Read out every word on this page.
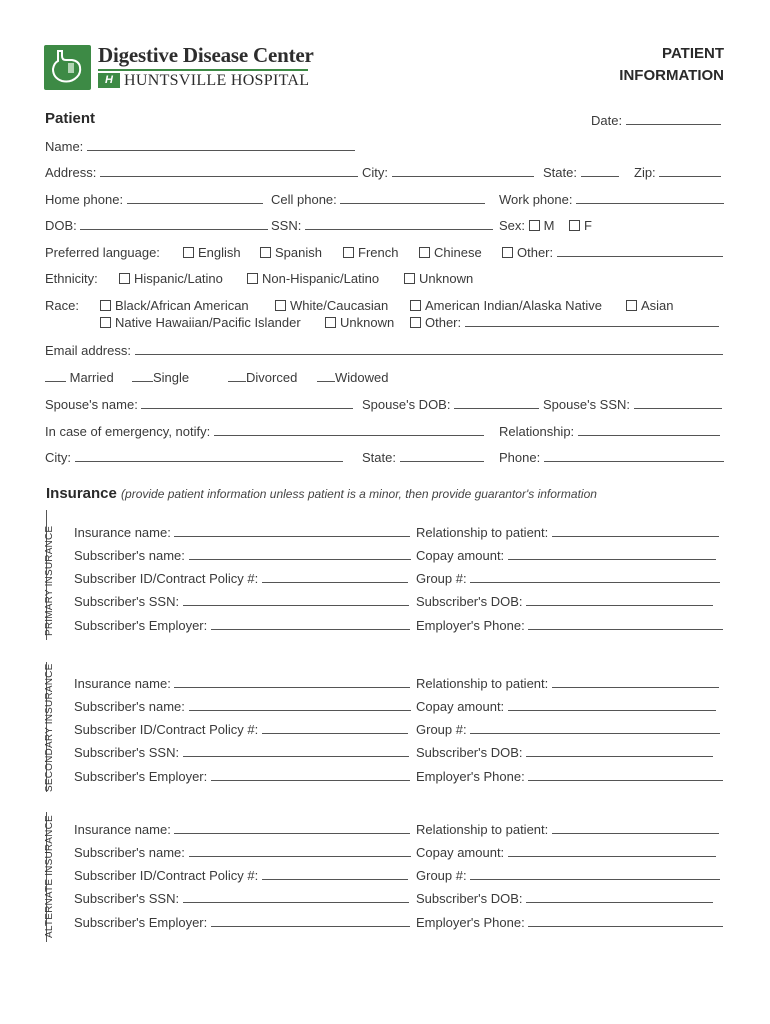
Digestive Disease Center
H HUNTSVILLE HOSPITAL
PATIENT
INFORMATION
Patient	Date:
Name:
Address:	City:	State:	Zip:
Home phone:	Cell phone:	Work phone:
DOB:	SSN:	Sex: M F
Preferred language:	English	Spanish	French	Chinese	Other:
Ethnicity:	Hispanic/Latino	Non-Hispanic/Latino	Unknown
Race:	Black/African American	White/Caucasian	American Indian/Alaska Native	Asian
Native Hawaiian/Pacific Islander	Unknown	Other:
Email address:
Married	Single	Divorced	Widowed
Spouse's name:	Spouse's DOB:	Spouse's SSN:
In case of emergency, notify:	Relationship:
City:	State:	Phone:
Insurance (provide patient information unless patient is a minor, then provide guarantor's information
PRIMARY INSURANCE
SECONDARY INSURANCE
ALTERNATE INSURANCE
Insurance name:	Relationship to patient:
Subscriber's name:	Copay amount:
Subscriber ID/Contract Policy #:	Group #:
Subscriber's SSN:	Subscriber's DOB:
Subscriber's Employer:	Employer's Phone:
Insurance name:	Relationship to patient:
Subscriber's name:	Copay amount:
Subscriber ID/Contract Policy #:	Group #:
Subscriber's SSN:	Subscriber's DOB:
Subscriber's Employer:	Employer's Phone:
Insurance name:	Relationship to patient:
Subscriber's name:	Copay amount:
Subscriber ID/Contract Policy #:	Group #:
Subscriber's SSN:	Subscriber's DOB:
Subscriber's Employer:	Employer's Phone:
